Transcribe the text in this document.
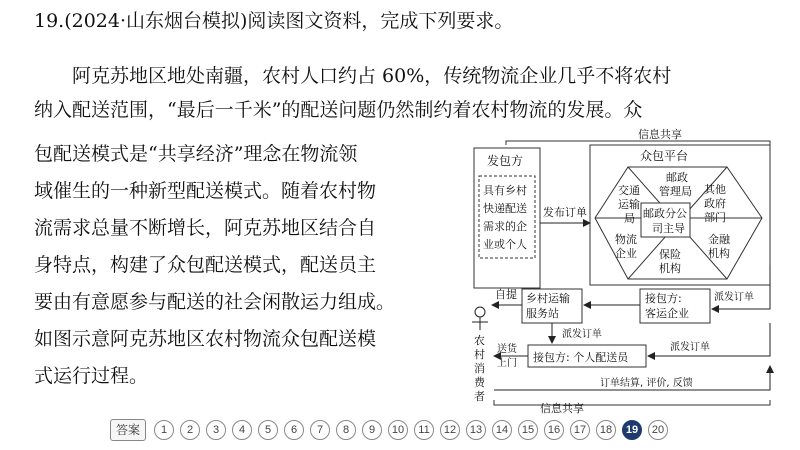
19.(2024·山东烟台模拟)阅读图文资料，完成下列要求。
　　阿克苏地区地处南疆，农村人口约占 60%，传统物流企业几乎不将农村
纳入配送范围，“最后一千米”的配送问题仍然制约着农村物流的发展。众
包配送模式是“共享经济”理念在物流领
域催生的一种新型配送模式。随着农村物
流需求总量不断增长，阿克苏地区结合自
身特点，构建了众包配送模式，配送员主
要由有意愿参与配送的社会闲散运力组成。
如图示意阿克苏地区农村物流众包配送模
式运行过程。
信息共享
发包方
具有乡村
快递配送
需求的企
业或个人
发布订单
众包平台
邮政分公
司主导
邮政
管理局
交通
运输
局
其他
政府
部门
物流
企业
金融
机构
保险
机构
派发订单
接包方:
客运企业
乡村运输
服务站
自提
派发订单
接包方: 个人配送员
派发订单
送货
上门
农
村
消
费
者
订单结算, 评价, 反馈
信息共享
答案	1	2	3	4	5	6	7	8	9	10	11	12	13	14	15	16	17	18	19	20
